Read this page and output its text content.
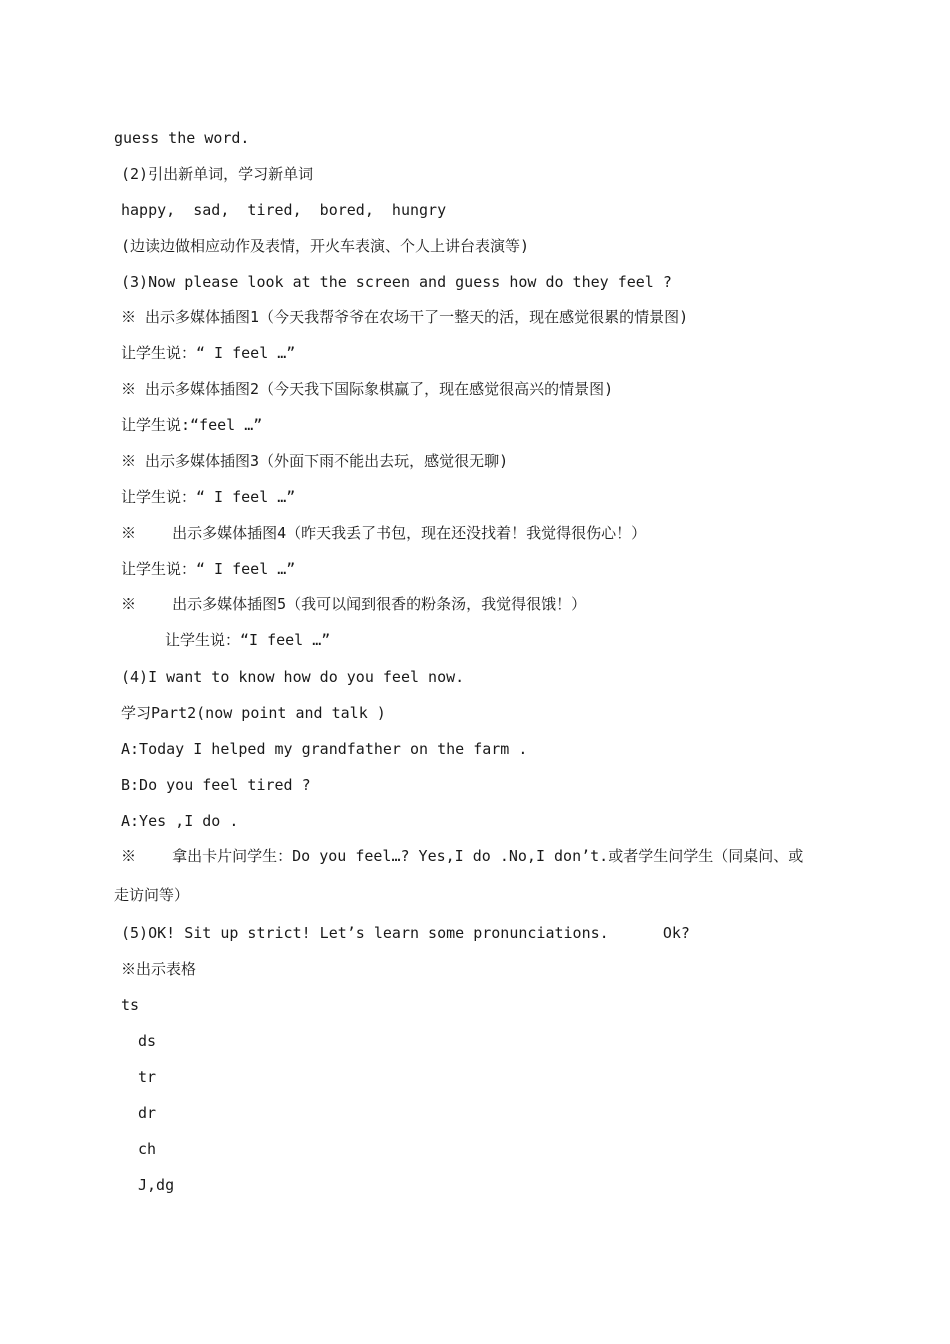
guess the word.
(2)引出新单词，学习新单词
happy,  sad,  tired,  bored,  hungry
(边读边做相应动作及表情，开火车表演、个人上讲台表演等)
(3)Now please look at the screen and guess how do they feel ?
※ 出示多媒体插图1（今天我帮爷爷在农场干了一整天的活，现在感觉很累的情景图)
让学生说：“ I feel …”
※ 出示多媒体插图2（今天我下国际象棋赢了，现在感觉很高兴的情景图)
让学生说:“feel …”
※ 出示多媒体插图3（外面下雨不能出去玩，感觉很无聊)
让学生说：“ I feel …”
※    出示多媒体插图4（昨天我丢了书包，现在还没找着！我觉得很伤心！）
让学生说：“ I feel …”
※    出示多媒体插图5（我可以闻到很香的粉条汤，我觉得很饿！）
让学生说：“I feel …”
(4)I want to know how do you feel now.
学习Part2(now point and talk )
A:Today I helped my grandfather on the farm .
B:Do you feel tired ?
A:Yes ,I do .
※    拿出卡片问学生：Do you feel…? Yes,I do .No,I don’t.或者学生问学生（同桌问、或
走访问等）
(5)OK! Sit up strict! Let’s learn some pronunciations.      Ok?
※出示表格
ts
ds
tr
dr
ch
J,dg
